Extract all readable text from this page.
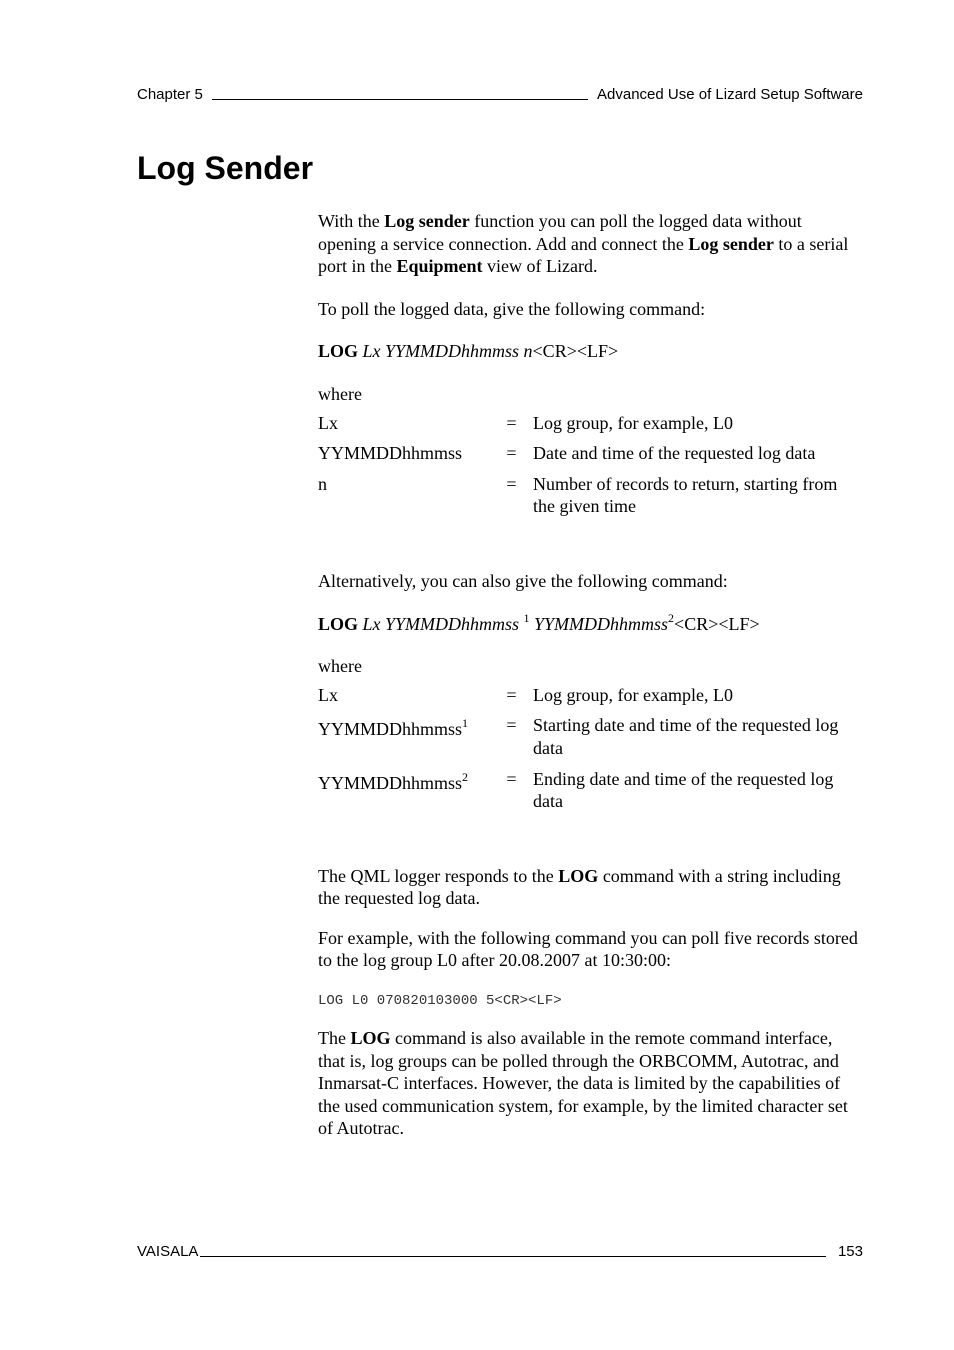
Chapter 5	Advanced Use of Lizard Setup Software
Log Sender

With the Log sender function you can poll the logged data without opening a service connection. Add and connect the Log sender to a serial port in the Equipment view of Lizard.

To poll the logged data, give the following command:

LOG Lx YYMMDDhhmmss n<CR><LF>

where

Lx	=	Log group, for example, L0
YYMMDDhhmmss	=	Date and time of the requested log data
n	=	Number of records to return, starting from the given time

Alternatively, you can also give the following command:

LOG Lx YYMMDDhhmmss $^1$ YYMMDDhhmmss$^2$<CR><LF>

where

Lx	=	Log group, for example, L0
YYMMDDhhmmss$^1$	=	Starting date and time of the requested log data
YYMMDDhhmmss$^2$	=	Ending date and time of the requested log data

The QML logger responds to the LOG command with a string including the requested log data.

For example, with the following command you can poll five records stored to the log group L0 after 20.08.2007 at 10:30:00:

LOG L0 070820103000 5<CR><LF>

The LOG command is also available in the remote command interface, that is, log groups can be polled through the ORBCOMM, Autotrac, and Inmarsat-C interfaces. However, the data is limited by the capabilities of the used communication system, for example, by the limited character set of Autotrac.

VAISALA	153
